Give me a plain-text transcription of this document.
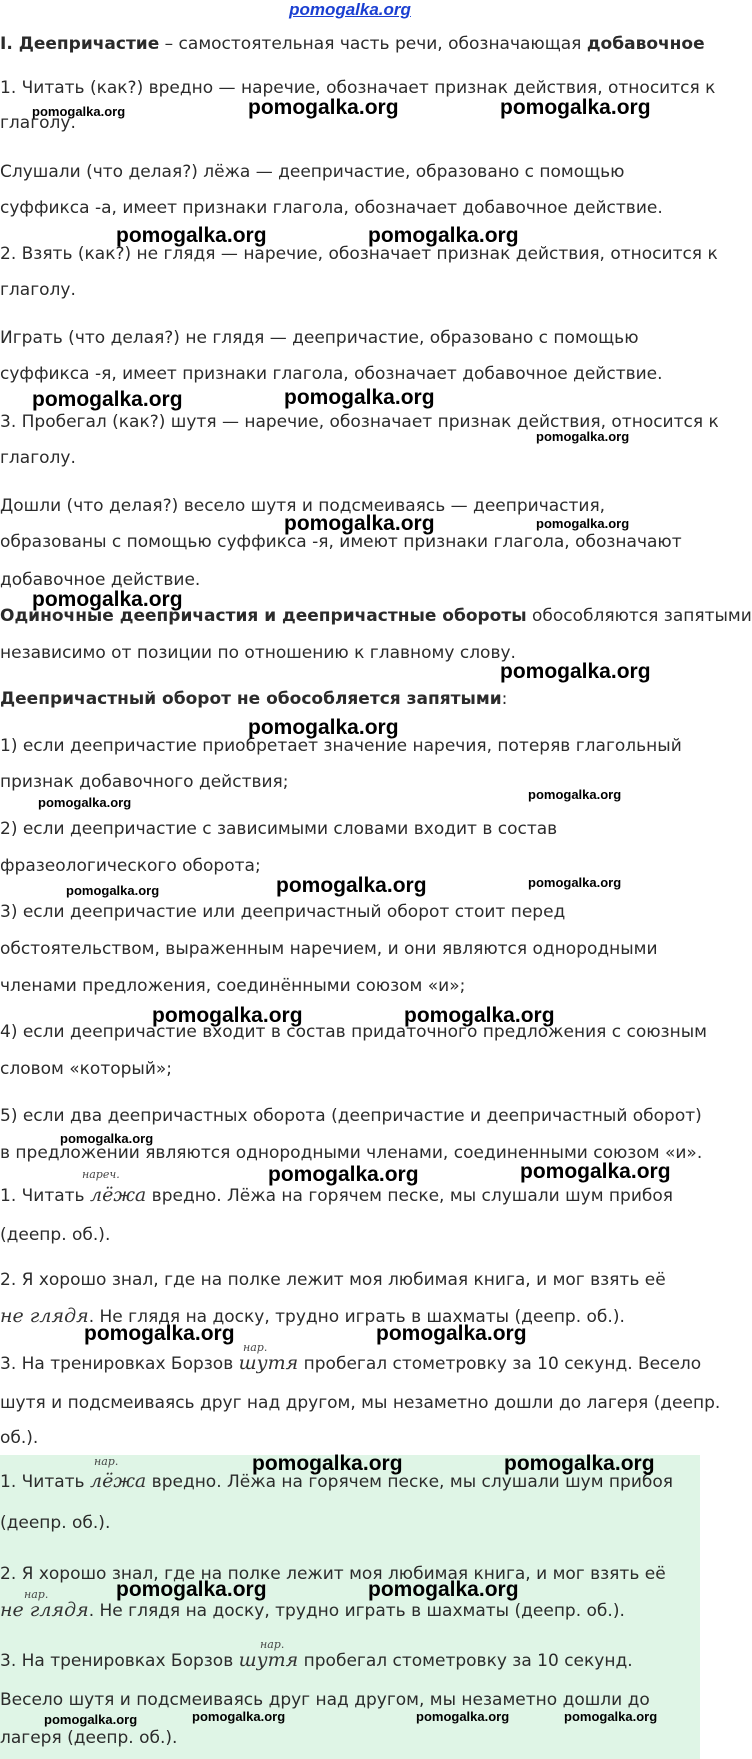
pomogalka.org
I. Деепричастие – самостоятельная часть речи, обозначающая добавочное
1. Читать (как?) вредно — наречие, обозначает признак действия, относится к
глаголу.
Слушали (что делая?) лёжа — деепричастие, образовано с помощью
суффикса -а, имеет признаки глагола, обозначает добавочное действие.
2. Взять (как?) не глядя — наречие, обозначает признак действия, относится к
глаголу.
Играть (что делая?) не глядя — деепричастие, образовано с помощью
суффикса -я, имеет признаки глагола, обозначает добавочное действие.
3. Пробегал (как?) шутя — наречие, обозначает признак действия, относится к
глаголу.
Дошли (что делая?) весело шутя и подсмеиваясь — деепричастия,
образованы с помощью суффикса -я, имеют признаки глагола, обозначают
добавочное действие.
Одиночные деепричастия и деепричастные обороты обособляются запятыми
независимо от позиции по отношению к главному слову.
Деепричастный оборот не обособляется запятыми:
1) если деепричастие приобретает значение наречия, потеряв глагольный
признак добавочного действия;
2) если деепричастие с зависимыми словами входит в состав
фразеологического оборота;
3) если деепричастие или деепричастный оборот стоит перед
обстоятельством, выраженным наречием, и они являются однородными
членами предложения, соединёнными союзом «и»;
4) если деепричастие входит в состав придаточного предложения с союзным
словом «который»;
5) если два деепричастных оборота (деепричастие и деепричастный оборот)
в предложении являются однородными членами, соединенными союзом «и».
1. Читать лёжа вредно. Лёжа на горячем песке, мы слушали шум прибоя
нареч.
(деепр. об.).
2. Я хорошо знал, где на полке лежит моя любимая книга, и мог взять её
не глядя. Не глядя на доску, трудно играть в шахматы (деепр. об.).
3. На тренировках Борзов шутя пробегал стометровку за 10 секунд. Весело
нар.
шутя и подсмеиваясь друг над другом, мы незаметно дошли до лагеря (деепр.
об.).
1. Читать лёжа вредно. Лёжа на горячем песке, мы слушали шум прибоя
нар.
(деепр. об.).
2. Я хорошо знал, где на полке лежит моя любимая книга, и мог взять её
не глядя. Не глядя на доску, трудно играть в шахматы (деепр. об.).
нар.
3. На тренировках Борзов шутя пробегал стометровку за 10 секунд.
нар.
Весело шутя и подсмеиваясь друг над другом, мы незаметно дошли до
лагеря (деепр. об.).
pomogalka.org	pomogalka.org	pomogalka.org
pomogalka.org	pomogalka.org
pomogalka.org	pomogalka.org
pomogalka.org
pomogalka.org	pomogalka.org
pomogalka.org
pomogalka.org
pomogalka.org
pomogalka.org
pomogalka.org
pomogalka.org	pomogalka.org	pomogalka.org
pomogalka.org	pomogalka.org
pomogalka.org
pomogalka.org	pomogalka.org
pomogalka.org	pomogalka.org
pomogalka.org	pomogalka.org
pomogalka.org	pomogalka.org
pomogalka.org	pomogalka.org	pomogalka.org	pomogalka.org
